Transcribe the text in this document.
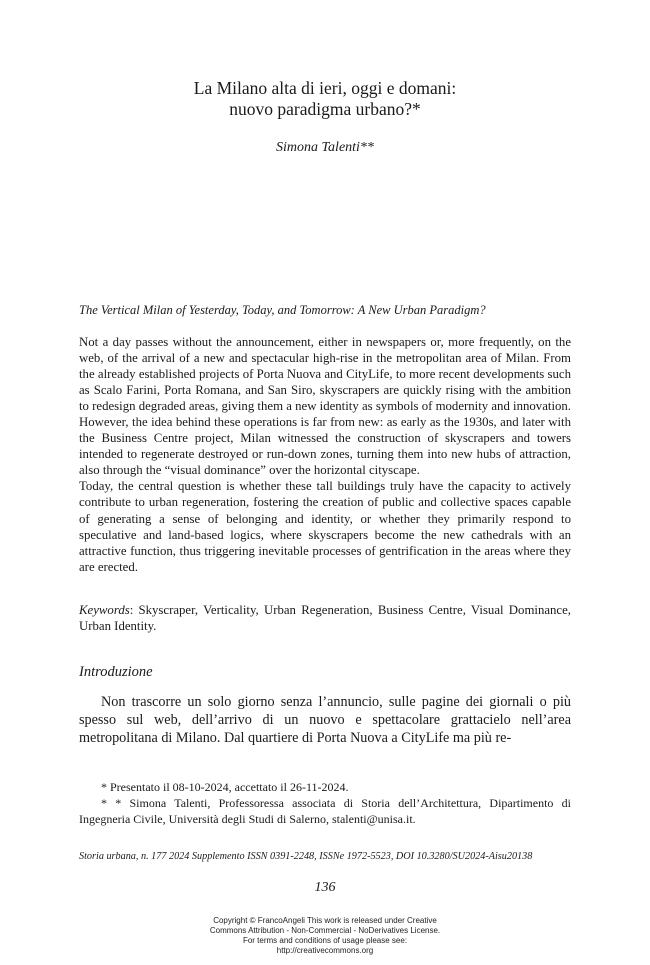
La Milano alta di ieri, oggi e domani:
nuovo paradigma urbano?*
Simona Talenti**
The Vertical Milan of Yesterday, Today, and Tomorrow: A New Urban Paradigm?

Not a day passes without the announcement, either in newspapers or, more frequently, on the web, of the arrival of a new and spectacular high-rise in the metropolitan area of Milan. From the already established projects of Porta Nuova and CityLife, to more recent developments such as Scalo Farini, Porta Romana, and San Siro, skyscrapers are quickly rising with the ambition to redesign degraded areas, giving them a new identity as symbols of modernity and innovation. However, the idea behind these operations is far from new: as early as the 1930s, and later with the Business Centre project, Milan witnessed the construction of skyscrapers and towers intended to regenerate destroyed or run-down zones, turning them into new hubs of attraction, also through the “visual dominance” over the horizontal cityscape.

Today, the central question is whether these tall buildings truly have the capacity to actively contribute to urban regeneration, fostering the creation of public and collective spaces capable of generating a sense of belonging and identity, or whether they primarily respond to speculative and land-based logics, where skyscrapers become the new cathedrals with an attractive function, thus triggering inevitable processes of gentrification in the areas where they are erected.

Keywords: Skyscraper, Verticality, Urban Regeneration, Business Centre, Visual Dominance, Urban Identity.
Introduzione

Non trascorre un solo giorno senza l’annuncio, sulle pagine dei giornali o più spesso sul web, dell’arrivo di un nuovo e spettacolare grattacielo nell’area metropolitana di Milano. Dal quartiere di Porta Nuova a CityLife ma più re-

* Presentato il 08-10-2024, accettato il 26-11-2024.

* * Simona Talenti, Professoressa associata di Storia dell’Architettura, Dipartimento di Ingegneria Civile, Università degli Studi di Salerno, stalenti@unisa.it.

Storia urbana, n. 177 2024 Supplemento ISSN 0391-2248, ISSNe 1972-5523, DOI 10.3280/SU2024-Aisu20138
136
Copyright © FrancoAngeli This work is released under Creative
Commons Attribution - Non-Commercial - NoDerivatives License.
For terms and conditions of usage please see:
http://creativecommons.org
